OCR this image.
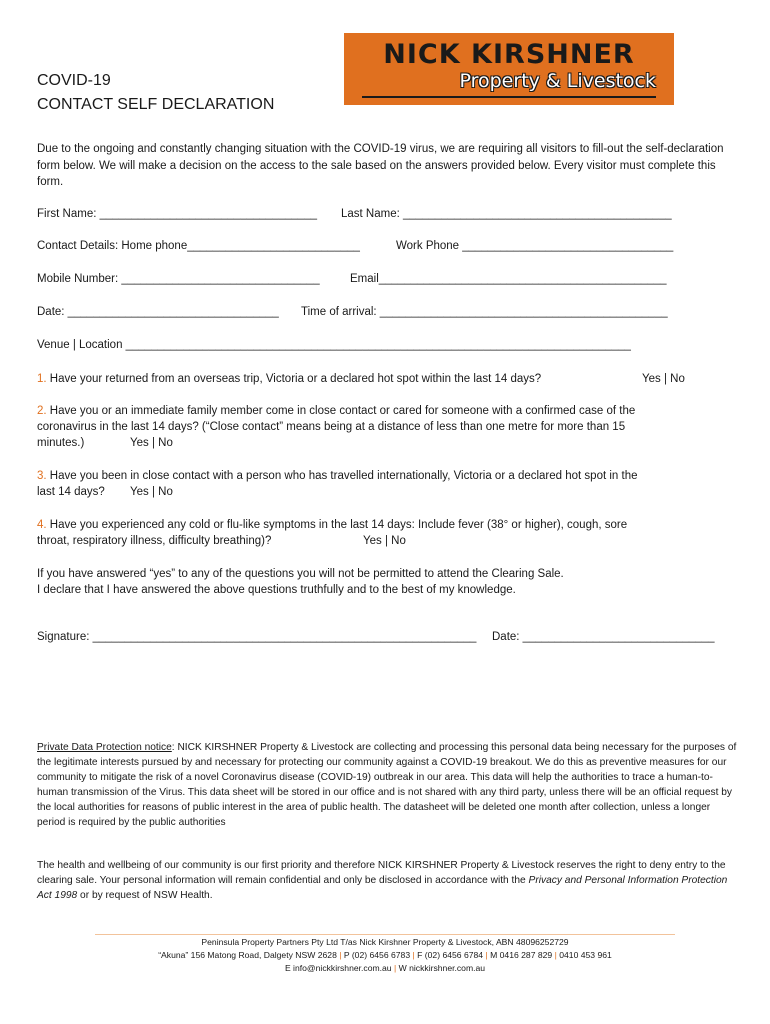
NICK KIRSHNER
Property & Livestock
COVID-19
CONTACT SELF DECLARATION
Due to the ongoing and constantly changing situation with the COVID-19 virus, we are requiring all visitors to fill-out the self-declaration form below. We will make a decision on the access to the sale based on the answers provided below. Every visitor must complete this form.
First Name: __________________________________ Last Name: __________________________________________
Contact Details: Home phone___________________________	Work Phone _________________________________
Mobile Number: _______________________________	Email_____________________________________________
Date: _________________________________ Time of arrival: _____________________________________________
Venue | Location _______________________________________________________________________________
1. Have your returned from an overseas trip, Victoria or a declared hot spot within the last 14 days?	Yes | No
2. Have you or an immediate family member come in close contact or cared for someone with a confirmed case of the
coronavirus in the last 14 days? (“Close contact” means being at a distance of less than one metre for more than 15
minutes.)	Yes | No
3. Have you been in close contact with a person who has travelled internationally, Victoria or a declared hot spot in the
last 14 days? Yes | No
4. Have you experienced any cold or flu-like symptoms in the last 14 days: Include fever (38° or higher), cough, sore
throat, respiratory illness, difficulty breathing)?	Yes | No
If you have answered “yes” to any of the questions you will not be permitted to attend the Clearing Sale.
I declare that I have answered the above questions truthfully and to the best of my knowledge.
Signature: ____________________________________________________________ Date: ______________________________
Private Data Protection notice: NICK KIRSHNER Property & Livestock are collecting and processing this personal data being necessary for the purposes of the legitimate interests pursued by and necessary for protecting our community against a COVID-19 breakout. We do this as preventive measures for our community to mitigate the risk of a novel Coronavirus disease (COVID-19) outbreak in our area. This data will help the authorities to trace a human-to-human transmission of the Virus. This data sheet will be stored in our office and is not shared with any third party, unless there will be an official request by the local authorities for reasons of public interest in the area of public health. The datasheet will be deleted one month after collection, unless a longer period is required by the public authorities
The health and wellbeing of our community is our first priority and therefore NICK KIRSHNER Property & Livestock reserves the right to deny entry to the clearing sale. Your personal information will remain confidential and only be disclosed in accordance with the Privacy and Personal Information Protection Act 1998 or by request of NSW Health.
Peninsula Property Partners Pty Ltd T/as Nick Kirshner Property & Livestock, ABN 48096252729
“Akuna” 156 Matong Road, Dalgety NSW 2628 | P (02) 6456 6783 | F (02) 6456 6784 | M 0416 287 829 | 0410 453 961
E info@nickkirshner.com.au | W nickkirshner.com.au
